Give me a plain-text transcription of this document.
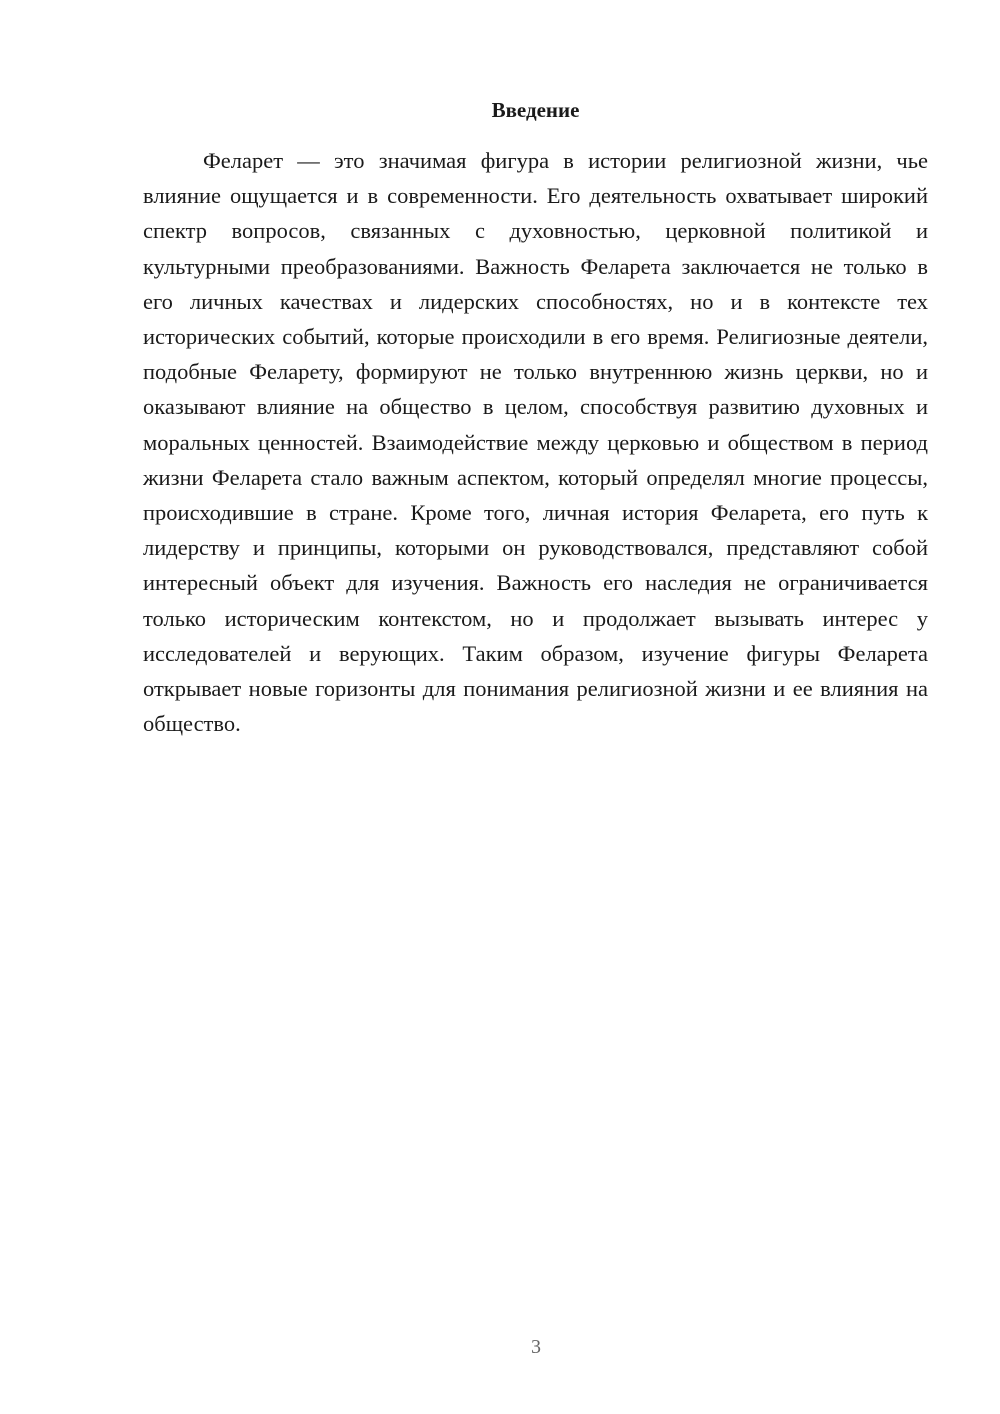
Введение

Феларет — это значимая фигура в истории религиозной жизни, чье влияние ощущается и в современности. Его деятельность охватывает широкий спектр вопросов, связанных с духовностью, церковной политикой и культурными преобразованиями. Важность Феларета заключается не только в его личных качествах и лидерских способностях, но и в контексте тех исторических событий, которые происходили в его время. Религиозные деятели, подобные Феларету, формируют не только внутреннюю жизнь церкви, но и оказывают влияние на общество в целом, способствуя развитию духовных и моральных ценностей. Взаимодействие между церковью и обществом в период жизни Феларета стало важным аспектом, который определял многие процессы, происходившие в стране. Кроме того, личная история Феларета, его путь к лидерству и принципы, которыми он руководствовался, представляют собой интересный объект для изучения. Важность его наследия не ограничивается только историческим контекстом, но и продолжает вызывать интерес у исследователей и верующих. Таким образом, изучение фигуры Феларета открывает новые горизонты для понимания религиозной жизни и ее влияния на общество.

3
